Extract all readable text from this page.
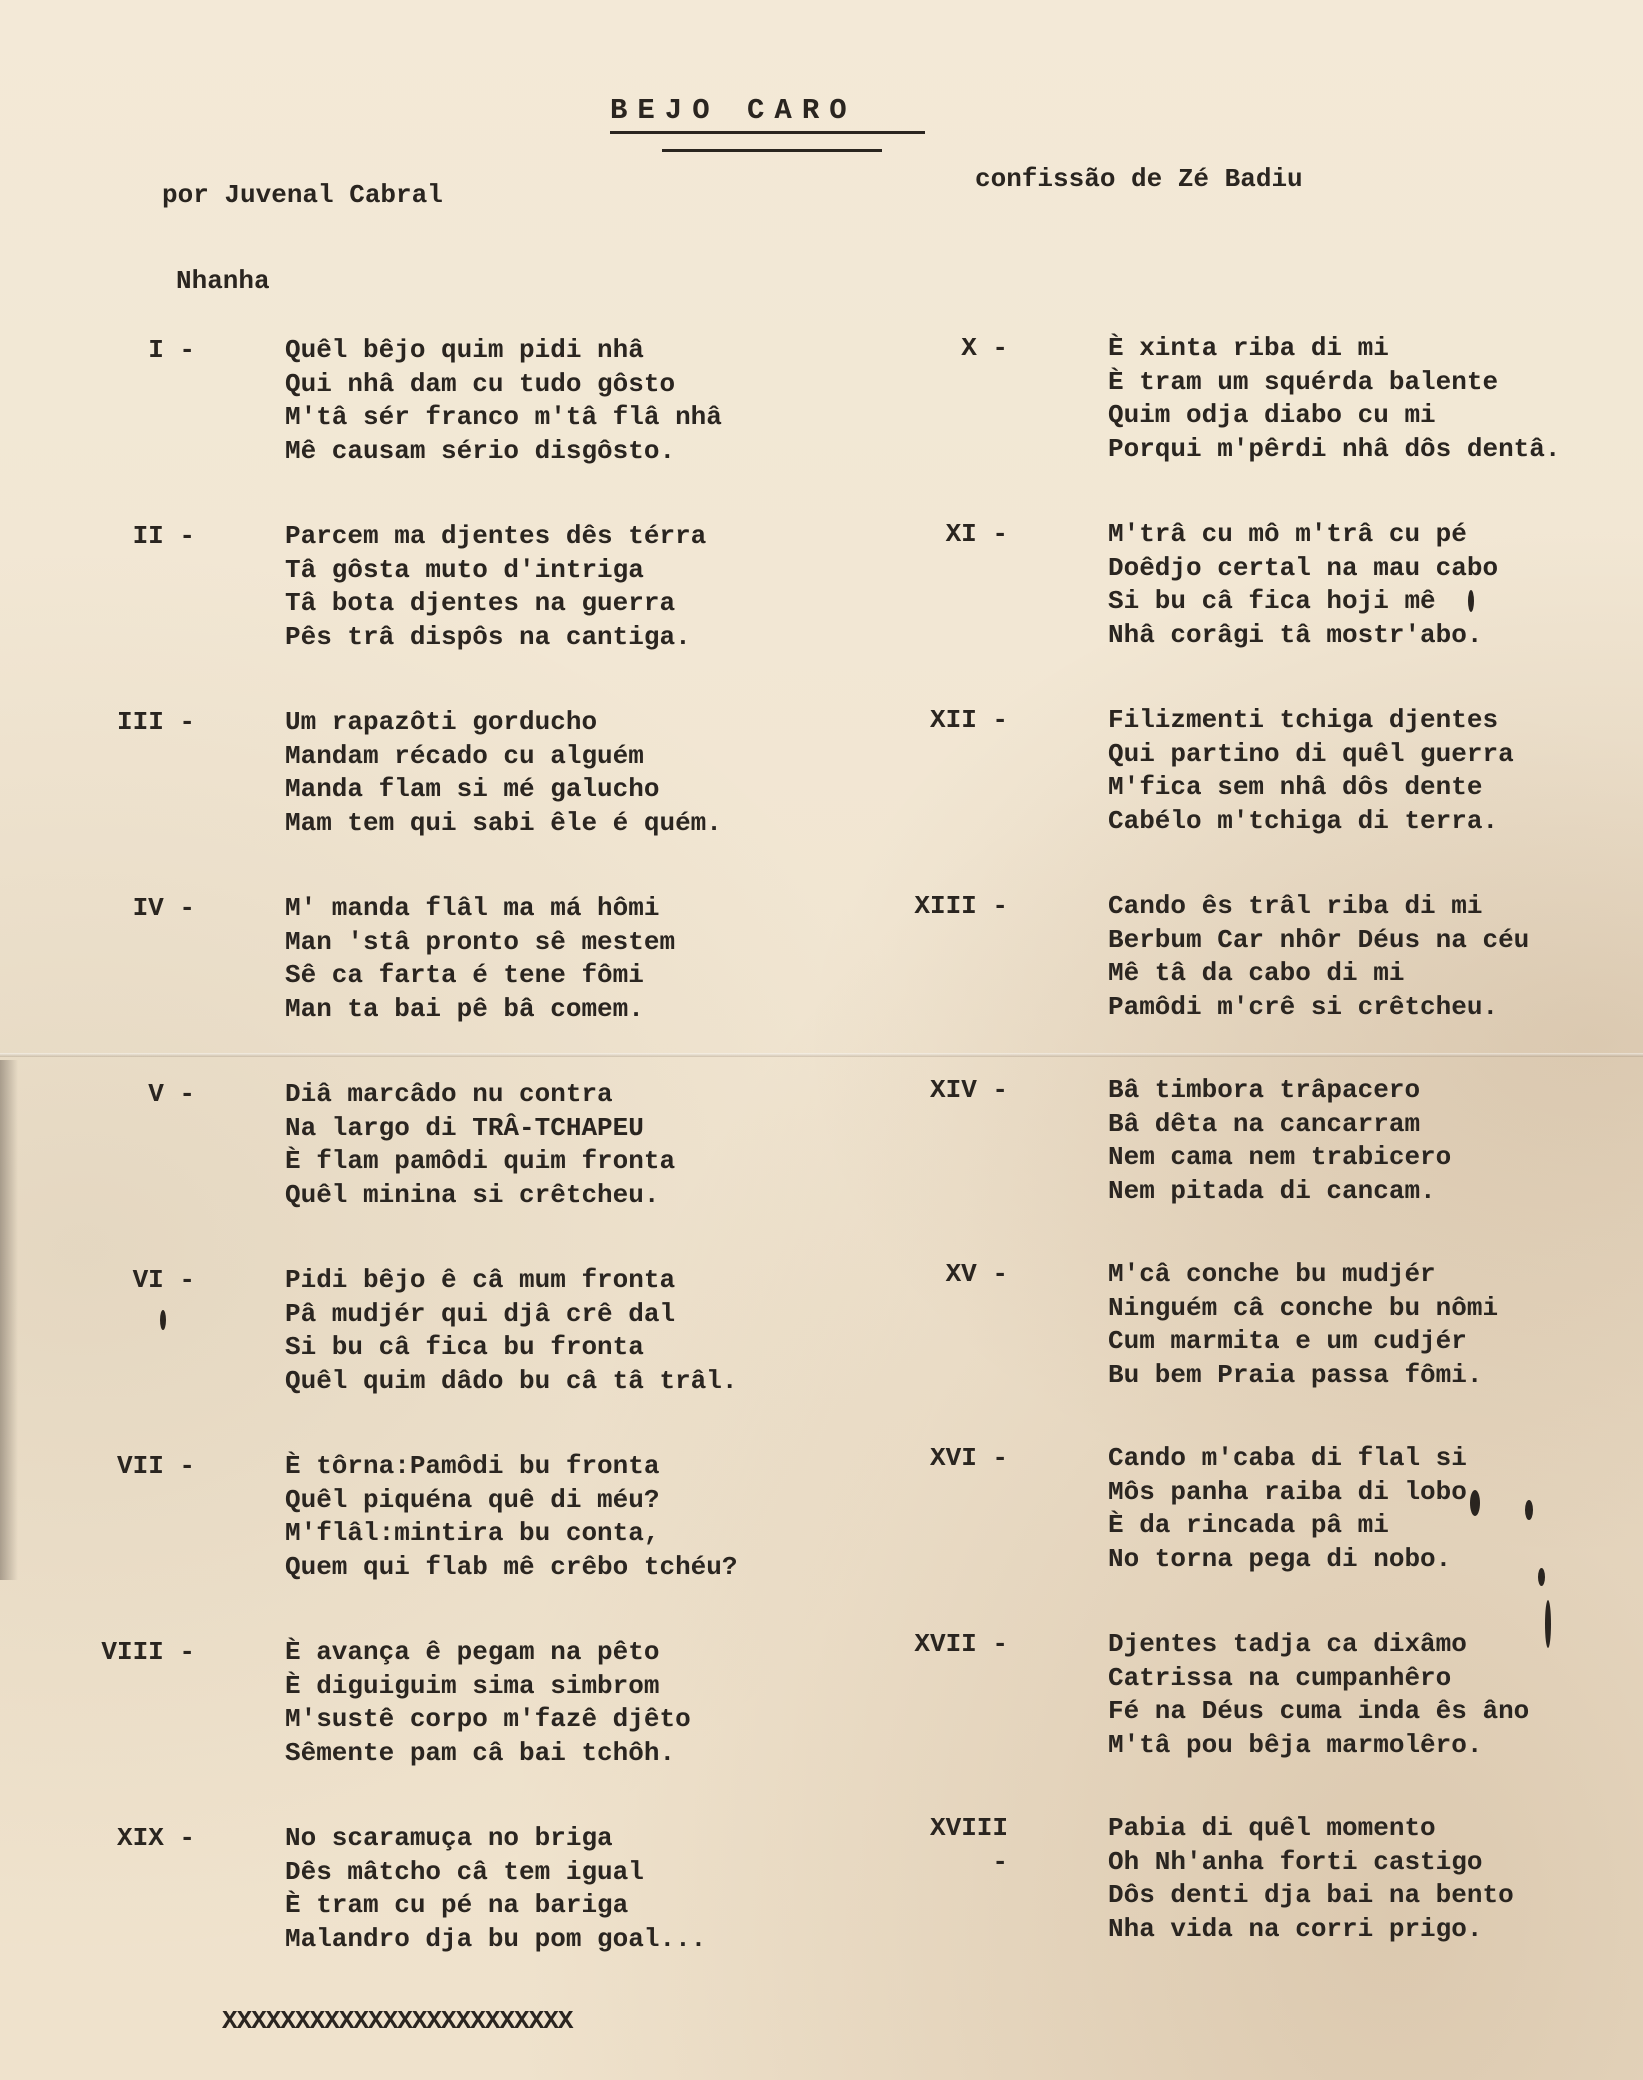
BEJO CARO
por Juvenal Cabral
confissão de Zé Badiu
Nhanha
I -	Quêl bêjo quim pidi nhâ
Qui nhâ dam cu tudo gôsto
M'tâ sér franco m'tâ flâ nhâ
Mê causam sério disgôsto.
II -	Parcem ma djentes dês térra
Tâ gôsta muto d'intriga
Tâ bota djentes na guerra
Pês trâ dispôs na cantiga.
III -	Um rapazôti gorducho
Mandam récado cu alguém
Manda flam si mé galucho
Mam tem qui sabi êle é quém.
IV -	M' manda flâl ma má hômi
Man 'stâ pronto sê mestem
Sê ca farta é tene fômi
Man ta bai pê bâ comem.
V -	Diâ marcâdo nu contra
Na largo di TRÂ-TCHAPEU
È flam pamôdi quim fronta
Quêl minina si crêtcheu.
VI -	Pidi bêjo ê câ mum fronta
Pâ mudjér qui djâ crê dal
Si bu câ fica bu fronta
Quêl quim dâdo bu câ tâ trâl.
VII -	È tôrna:Pamôdi bu fronta
Quêl piquéna quê di méu?
M'flâl:mintira bu conta,
Quem qui flab mê crêbo tchéu?
VIII -	È avança ê pegam na pêto
È diguiguim sima simbrom
M'sustê corpo m'fazê djêto
Sêmente pam câ bai tchôh.
XIX -	No scaramuça no briga
Dês mâtcho câ tem igual
È tram cu pé na bariga
Malandro dja bu pom goal...
X -	È xinta riba di mi
È tram um squérda balente
Quim odja diabo cu mi
Porqui m'pêrdi nhâ dôs dentâ.
XI -	M'trâ cu mô m'trâ cu pé
Doêdjo certal na mau cabo
Si bu câ fica hoji mê
Nhâ corâgi tâ mostr'abo.
XII -	Filizmenti tchiga djentes
Qui partino di quêl guerra
M'fica sem nhâ dôs dente
Cabélo m'tchiga di terra.
XIII -	Cando ês trâl riba di mi
Berbum Car nhôr Déus na céu
Mê tâ da cabo di mi
Pamôdi m'crê si crêtcheu.
XIV -	Bâ timbora trâpacero
Bâ dêta na cancarram
Nem cama nem trabicero
Nem pitada di cancam.
XV -	M'câ conche bu mudjér
Ninguém câ conche bu nômi
Cum marmita e um cudjér
Bu bem Praia passa fômi.
XVI -	Cando m'caba di flal si
Môs panha raiba di lobo
È da rincada pâ mi
No torna pega di nobo.
XVII -	Djentes tadja ca dixâmo
Catrissa na cumpanhêro
Fé na Déus cuma inda ês âno
M'tâ pou bêja marmolêro.
XVIII -
Pabia di quêl momento
Oh Nh'anha forti castigo
Dôs denti dja bai na bento
Nha vida na corri prigo.
XXXXXXXXXXXXXXXXXXXXXXXX
